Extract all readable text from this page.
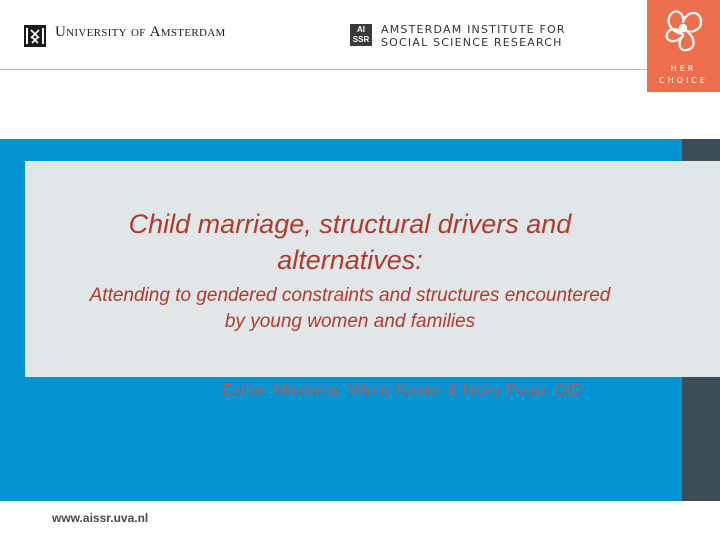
University of Amsterdam	AI
SSR
AMSTERDAM INSTITUTE FOR
SOCIAL SCIENCE RESEARCH
HER
CHOICE
Child marriage, structural drivers and alternatives:
Attending to gendered constraints and structures encountered by young women and families
Esther Miedema, Winny Koster & Nicky Pouw, GID
www.aissr.uva.nl
